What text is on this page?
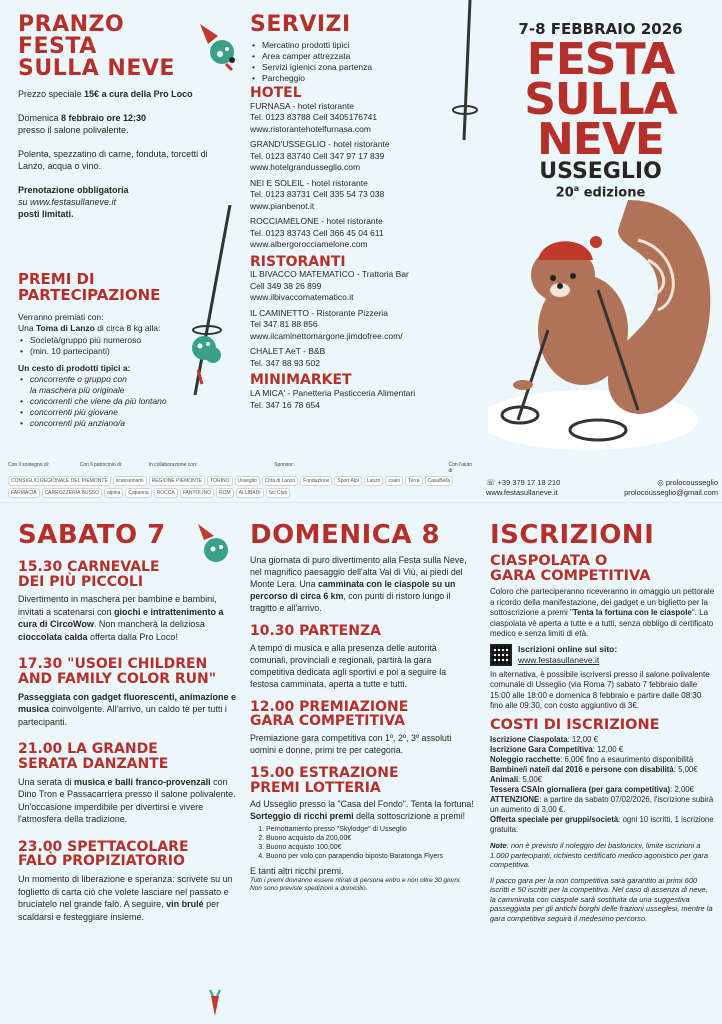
PRANZO
FESTA
SULLA NEVE
Prezzo speciale 15€ a cura della Pro Loco
Domenica 8 febbraio ore 12:30
presso il salone polivalente.
Polenta, spezzatino di carne, fonduta, torcetti di Lanzo, acqua o vino.
Prenotazione obbligatoria
su www.festasullaneve.it
posti limitati.
PREMI DI
PARTECIPAZIONE
Verranno premiati con:
Una Toma di Lanzo di circa 8 kg alla:
• Società/gruppo più numeroso
• (min. 10 partecipanti)
Un cesto di prodotti tipici a:
• concorrente o gruppo con
la maschera più originale
• concorrenti che viene da più lontano
• concorrenti più giovane
• concorrenti più anziano/a
SERVIZI
• Mercatino prodotti tipici
• Area camper attrezzata
• Servizi igienici zona partenza
• Parcheggio
HOTEL
FURNASA - hotel ristorante
Tel. 0123 83788 Cell 3405176741
www.ristorantehotelfurnasa.com
GRAND'USSEGLIO - hotel ristorante
Tel. 0123 83740 Cell 347 97 17 839
www.hotelgrandusseglio.com
NEI E SOLEIL - hotel ristorante
Tel. 0123 83731 Cell 335 54 73 038
www.pianbenot.it
ROCCIAMELONE - hotel ristorante
Tel. 0123 83743 Cell 366 45 04 611
www.albergorocciamelone.com
RISTORANTI
IL BIVACCO MATEMATICO - Trattoria Bar
Cell 349 38 26 899
www.ilbivaccomatematico.it
IL CAMINETTO - Ristorante Pizzeria
Tel 347 81 88 856
www.ilcaminettomargone.jimdofree.com/
CHALET AeT - B&B
Tel. 347 88 93 502
MINIMARKET
LA MICA' - Panetteria Pasticceria Alimentari
Tel. 347 16 78 654
7-8 FEBBRAIO 2026
FESTA
SULLA
NEVE
USSEGLIO
20$^a$ edizione
Con il sostegno di:	Con il patrocinio di:	In collaborazione con:	Sponsor:	Con l'aiuto di:
CONSIGLIO REGIONALE DEL PIEMONTE	scansionami	REGIONE PIEMONTE	TORINO	Usseglio	Città di Lanzo	Fondazione	Sport Alpi	Lanzo	csain	Terra	CasaBella
FARMACIA	CARROZZERIA BUSSO	alpina	Capanna	ROCCA	FANTOLINO	ROM	ALLIBADI	Sci Club
☏ +39 379 17 18 210	◎ prolocousseglio
www.festasullaneve.it	prolocousseglio@gmail.com
SABATO 7
15.30 CARNEVALE
DEI PIÙ PICCOLI
Divertimento in maschera per bambine e bambini, invitati a scatenarsi con giochi e intrattenimento a cura di CircoWow. Non mancherà la deliziosa cioccolata calda offerta dalla Pro Loco!
17.30 "USOEI CHILDREN
AND FAMILY COLOR RUN"
Passeggiata con gadget fluorescenti, animazione e musica coinvolgente. All'arrivo, un caldo tè per tutti i partecipanti.
21.00 LA GRANDE
SERATA DANZANTE
Una serata di musica e balli franco-provenzali con Dino Tron e Passacarriera presso il salone polivalente. Un'occasione imperdibile per divertirsi e vivere l'atmosfera della tradizione.
23.00 SPETTACOLARE
FALÒ PROPIZIATORIO
Un momento di liberazione e speranza: scrivete su un foglietto di carta ciò che volete lasciare nel passato e bruciatelo nel grande falò. A seguire, vin brulé per scaldarsi e festeggiare insieme.
DOMENICA 8
Una giornata di puro divertimento alla Festa sulla Neve, nel magnifico paesaggio dell'alta Val di Viù, ai piedi del Monte Lera. Una camminata con le ciaspole su un percorso di circa 6 km, con punti di ristoro lungo il tragitto e all'arrivo.
10.30 PARTENZA
A tempo di musica e alla presenza delle autorità comunali, provinciali e regionali, partirà la gara competitiva dedicata agli sportivi e poi a seguire la festosa camminata, aperta a tutte e tutti.
12.00 PREMIAZIONE
GARA COMPETITIVA
Premiazione gara competitiva con 1º, 2º, 3º assoluti uomini e donne, primi tre per categoria.
15.00 ESTRAZIONE
PREMI LOTTERIA
Ad Usseglio presso la "Casa del Fondo". Tenta la fortuna! Sorteggio di ricchi premi della sottoscrizione a premi!
1. Pernottamento presso "Skylodge" di Usseglio
2. Buono acquisto da 200,00€
3. Buono acquisto 100,00€
4. Buono per volo con parapendio biposto Baratonga Flyers
E tanti altri ricchi premi.
Tutti i premi dovranno essere ritirati di persona entro e non oltre 30 giorni. Non sono previste spedizioni a domicilio.
ISCRIZIONI
CIASPOLATA O
GARA COMPETITIVA
Coloro che parteciperanno riceveranno in omaggio un pettorale a ricordo della manifestazione, dei gadget e un biglietto per la sottoscrizione a premi "Tenta la fortuna con le ciaspole". La ciaspolata vè aperta a tutte e a tutti, senza obbligo di certificato medico e senza limiti di età.
Iscrizioni online sul sito:
www.festasullaneve.it
In alternativa, è possibile iscriversi presso il salone polivalente comunale di Usseglio (via Roma 7) sabato 7 febbraio dalle 15:00 alle 18:00 e domenica 8 febbraio e partire dalle 08:30 fino alle 09:30, con costo aggiuntivo di 3€.
COSTI DI ISCRIZIONE
Iscrizione Ciaspolata: 12,00 €
Iscrizione Gara Competitiva: 12,00 €
Noleggio racchette: 6,00€ fino a esaurimento disponibilità
Bambine/i nate/i dal 2016 e persone con disabilità: 5,00€
Animali: 5,00€
Tessera CSAIn giornaliera (per gara competitiva): 2,00€
ATTENZIONE: a partire da sabato 07/02/2026, l'iscrizione subirà un aumento di 3,00 €.
Offerta speciale per gruppi/società: ogni 10 iscritti, 1 iscrizione gratuita.
Note: non è previsto il noleggio dei bastoncini, limite iscrizioni a 1.000 partecipanti, richiesto certificato medico agonistico per gara competitiva.
Il pacco gara per la non competitiva sarà garantito ai primi 600 iscritti e 50 iscritti per la competitiva. Nel caso di assenza di neve, la camminata con ciaspole sarà sostituita da una suggestiva passeggiata per gli antichi borghi delle frazioni usseglesi, mentre la gara competitiva seguirà il medesimo percorso.
